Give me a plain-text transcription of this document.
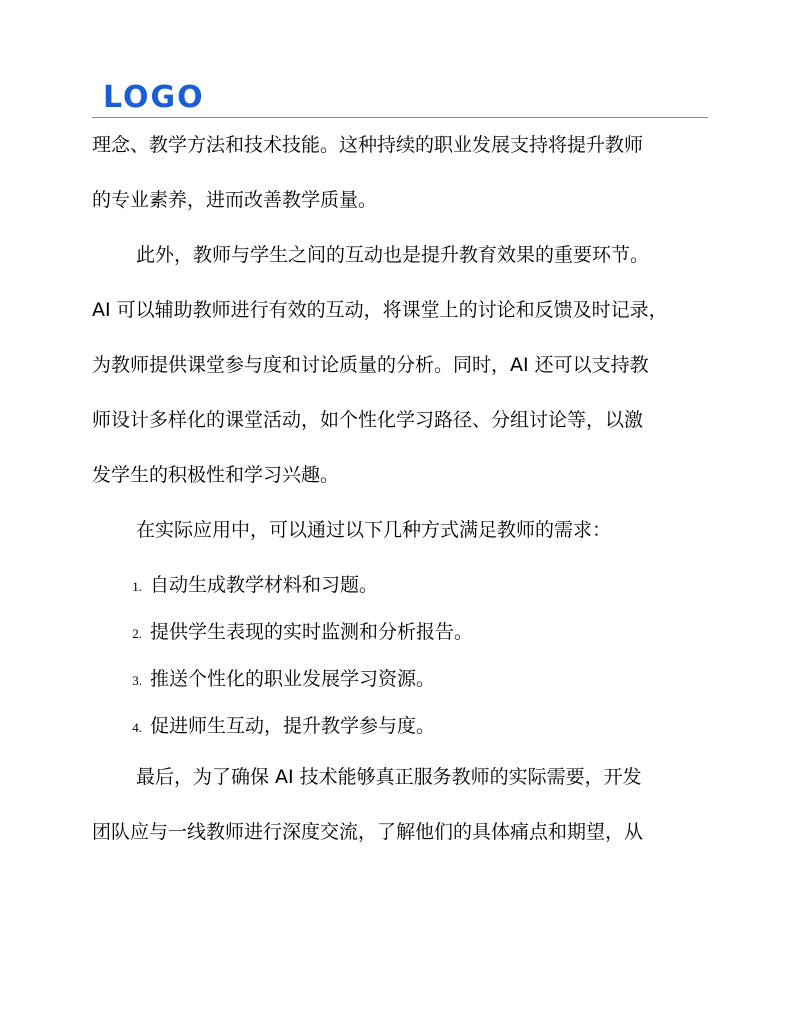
LOGO
理念、教学方法和技术技能。这种持续的职业发展支持将提升教师
的专业素养，进而改善教学质量。
此外，教师与学生之间的互动也是提升教育效果的重要环节。
AI 可以辅助教师进行有效的互动，将课堂上的讨论和反馈及时记录，
为教师提供课堂参与度和讨论质量的分析。同时，AI 还可以支持教
师设计多样化的课堂活动，如个性化学习路径、分组讨论等，以激
发学生的积极性和学习兴趣。
在实际应用中，可以通过以下几种方式满足教师的需求：
1. 自动生成教学材料和习题。
2. 提供学生表现的实时监测和分析报告。
3. 推送个性化的职业发展学习资源。
4. 促进师生互动，提升教学参与度。
最后，为了确保 AI 技术能够真正服务教师的实际需要，开发
团队应与一线教师进行深度交流，了解他们的具体痛点和期望，从
